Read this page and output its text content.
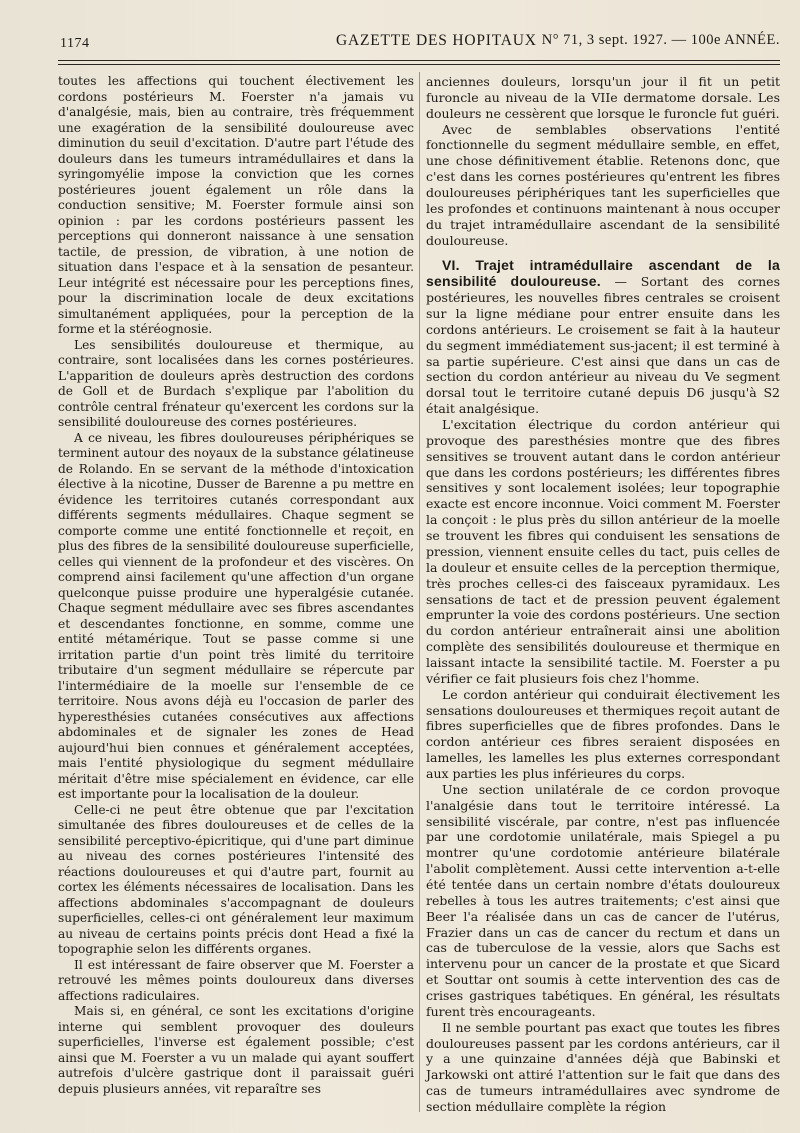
1174	GAZETTE DES HOPITAUX N° 71, 3 sept. 1927. — 100e ANNÉE.

toutes les affections qui touchent électivement les cordons postérieurs M. Foerster n'a jamais vu d'analgésie, mais, bien au contraire, très fréquemment une exagération de la sensibilité douloureuse avec diminution du seuil d'excitation. D'autre part l'étude des douleurs dans les tumeurs intramédullaires et dans la syringomyélie impose la conviction que les cornes postérieures jouent également un rôle dans la conduction sensitive; M. Foerster formule ainsi son opinion : par les cordons postérieurs passent les perceptions qui donneront naissance à une sensation tactile, de pression, de vibration, à une notion de situation dans l'espace et à la sensation de pesanteur. Leur intégrité est nécessaire pour les perceptions fines, pour la discrimination locale de deux excitations simultanément appliquées, pour la perception de la forme et la stéréognosie.

Les sensibilités douloureuse et thermique, au contraire, sont localisées dans les cornes postérieures. L'apparition de douleurs après destruction des cordons de Goll et de Burdach s'explique par l'abolition du contrôle central frénateur qu'exercent les cordons sur la sensibilité douloureuse des cornes postérieures.

A ce niveau, les fibres douloureuses périphériques se terminent autour des noyaux de la substance gélatineuse de Rolando. En se servant de la méthode d'intoxication élective à la nicotine, Dusser de Barenne a pu mettre en évidence les territoires cutanés correspondant aux différents segments médullaires. Chaque segment se comporte comme une entité fonctionnelle et reçoit, en plus des fibres de la sensibilité douloureuse superficielle, celles qui viennent de la profondeur et des viscères. On comprend ainsi facilement qu'une affection d'un organe quelconque puisse produire une hyperalgésie cutanée. Chaque segment médullaire avec ses fibres ascendantes et descendantes fonctionne, en somme, comme une entité métamérique. Tout se passe comme si une irritation partie d'un point très limité du territoire tributaire d'un segment médullaire se répercute par l'intermédiaire de la moelle sur l'ensemble de ce territoire. Nous avons déjà eu l'occasion de parler des hyperesthésies cutanées consécutives aux affections abdominales et de signaler les zones de Head aujourd'hui bien connues et généralement acceptées, mais l'entité physiologique du segment médullaire méritait d'être mise spécialement en évidence, car elle est importante pour la localisation de la douleur.

Celle-ci ne peut être obtenue que par l'excitation simultanée des fibres douloureuses et de celles de la sensibilité perceptivo-épicritique, qui d'une part diminue au niveau des cornes postérieures l'intensité des réactions douloureuses et qui d'autre part, fournit au cortex les éléments nécessaires de localisation. Dans les affections abdominales s'accompagnant de douleurs superficielles, celles-ci ont généralement leur maximum au niveau de certains points précis dont Head a fixé la topographie selon les différents organes.

Il est intéressant de faire observer que M. Foerster a retrouvé les mêmes points douloureux dans diverses affections radiculaires.

Mais si, en général, ce sont les excitations d'origine interne qui semblent provoquer des douleurs superficielles, l'inverse est également possible; c'est ainsi que M. Foerster a vu un malade qui ayant souffert autrefois d'ulcère gastrique dont il paraissait guéri depuis plusieurs années, vit reparaître ses

anciennes douleurs, lorsqu'un jour il fit un petit furoncle au niveau de la VIIe dermatome dorsale. Les douleurs ne cessèrent que lorsque le furoncle fut guéri.

Avec de semblables observations l'entité fonctionnelle du segment médullaire semble, en effet, une chose définitivement établie. Retenons donc, que c'est dans les cornes postérieures qu'entrent les fibres douloureuses périphériques tant les superficielles que les profondes et continuons maintenant à nous occuper du trajet intramédullaire ascendant de la sensibilité douloureuse.

VI. Trajet intramédullaire ascendant de la sensibilité douloureuse. — Sortant des cornes postérieures, les nouvelles fibres centrales se croisent sur la ligne médiane pour entrer ensuite dans les cordons antérieurs. Le croisement se fait à la hauteur du segment immédiatement sus-jacent; il est terminé à sa partie supérieure. C'est ainsi que dans un cas de section du cordon antérieur au niveau du Ve segment dorsal tout le territoire cutané depuis D6 jusqu'à S2 était analgésique.

L'excitation électrique du cordon antérieur qui provoque des paresthésies montre que des fibres sensitives se trouvent autant dans le cordon antérieur que dans les cordons postérieurs; les différentes fibres sensitives y sont localement isolées; leur topographie exacte est encore inconnue. Voici comment M. Foerster la conçoit : le plus près du sillon antérieur de la moelle se trouvent les fibres qui conduisent les sensations de pression, viennent ensuite celles du tact, puis celles de la douleur et ensuite celles de la perception thermique, très proches celles-ci des faisceaux pyramidaux. Les sensations de tact et de pression peuvent également emprunter la voie des cordons postérieurs. Une section du cordon antérieur entraînerait ainsi une abolition complète des sensibilités douloureuse et thermique en laissant intacte la sensibilité tactile. M. Foerster a pu vérifier ce fait plusieurs fois chez l'homme.

Le cordon antérieur qui conduirait électivement les sensations douloureuses et thermiques reçoit autant de fibres superficielles que de fibres profondes. Dans le cordon antérieur ces fibres seraient disposées en lamelles, les lamelles les plus externes correspondant aux parties les plus inférieures du corps.

Une section unilatérale de ce cordon provoque l'analgésie dans tout le territoire intéressé. La sensibilité viscérale, par contre, n'est pas influencée par une cordotomie unilatérale, mais Spiegel a pu montrer qu'une cordotomie antérieure bilatérale l'abolit complètement. Aussi cette intervention a-t-elle été tentée dans un certain nombre d'états douloureux rebelles à tous les autres traitements; c'est ainsi que Beer l'a réalisée dans un cas de cancer de l'utérus, Frazier dans un cas de cancer du rectum et dans un cas de tuberculose de la vessie, alors que Sachs est intervenu pour un cancer de la prostate et que Sicard et Souttar ont soumis à cette intervention des cas de crises gastriques tabétiques. En général, les résultats furent très encourageants.

Il ne semble pourtant pas exact que toutes les fibres douloureuses passent par les cordons antérieurs, car il y a une quinzaine d'années déjà que Babinski et Jarkowski ont attiré l'attention sur le fait que dans des cas de tumeurs intramédullaires avec syndrome de section médullaire complète la région
